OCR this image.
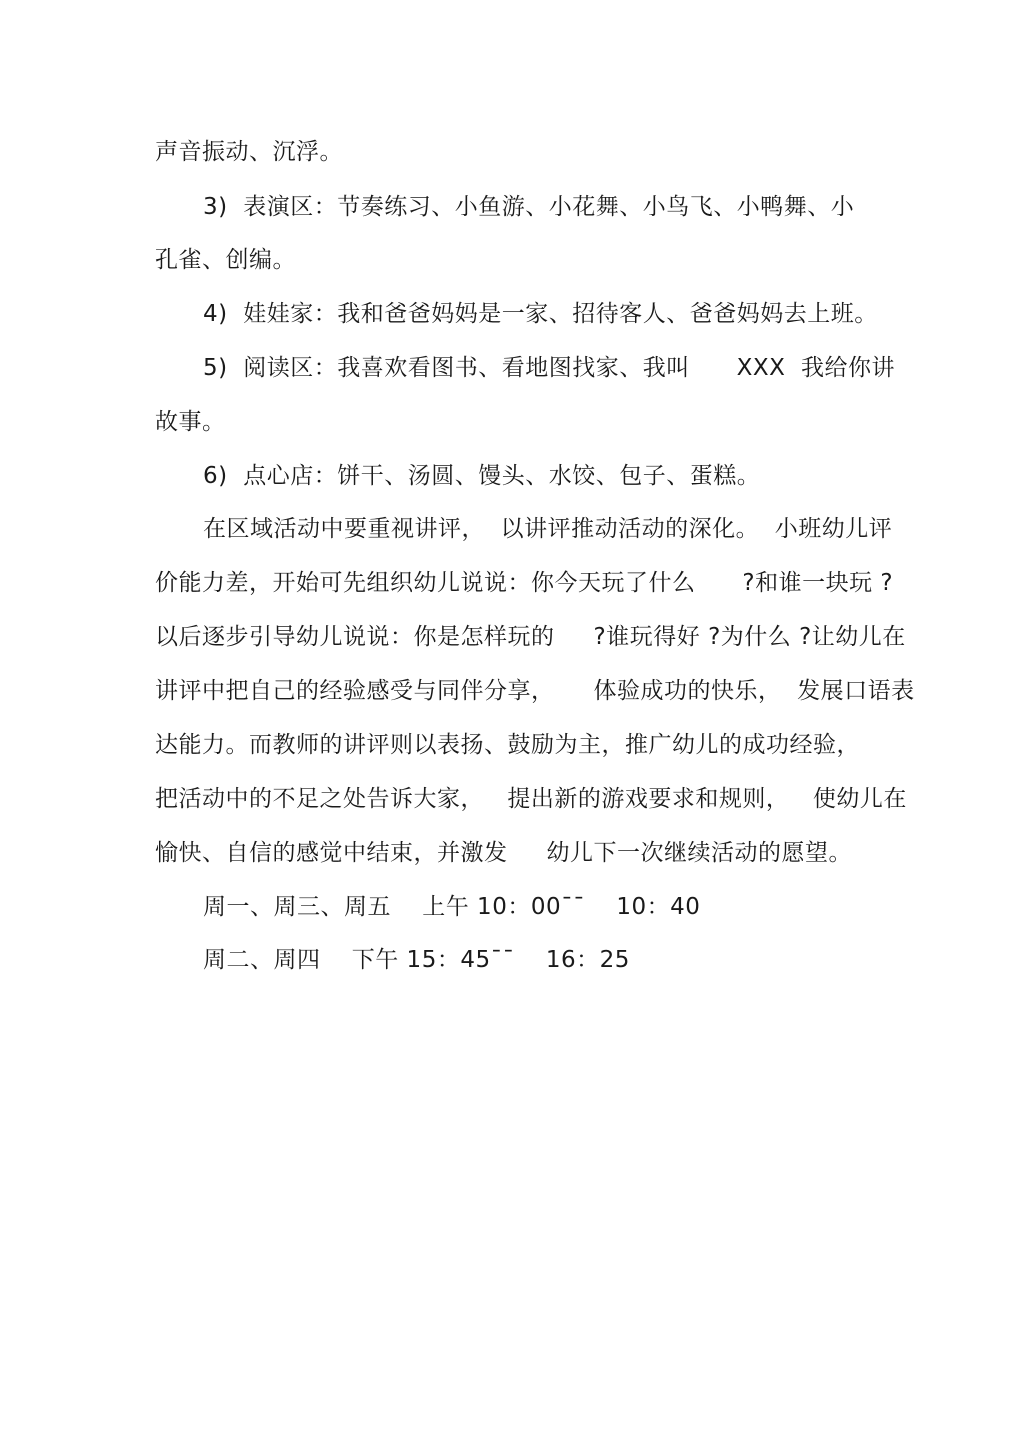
声音振动、沉浮。
3)  表演区：节奏练习、小鱼游、小花舞、小鸟飞、小鸭舞、小
孔雀、创编。
4)  娃娃家：我和爸爸妈妈是一家、招待客人、爸爸妈妈去上班。
5)  阅读区：我喜欢看图书、看地图找家、我叫      XXX  我给你讲
故事。
6)  点心店：饼干、汤圆、馒头、水饺、包子、蛋糕。
在区域活动中要重视讲评，  以讲评推动活动的深化。  小班幼儿评
价能力差，开始可先组织幼儿说说：你今天玩了什么      ?和谁一块玩 ?
以后逐步引导幼儿说说：你是怎样玩的     ?谁玩得好 ?为什么 ?让幼儿在
讲评中把自己的经验感受与同伴分享，     体验成功的快乐，  发展口语表
达能力。而教师的讲评则以表扬、鼓励为主，推广幼儿的成功经验，
把活动中的不足之处告诉大家，   提出新的游戏要求和规则，   使幼儿在
愉快、自信的感觉中结束，并激发     幼儿下一次继续活动的愿望。
周一、周三、周五    上午 10：00¯¯    10：40
周二、周四    下午 15：45¯¯    16：25
